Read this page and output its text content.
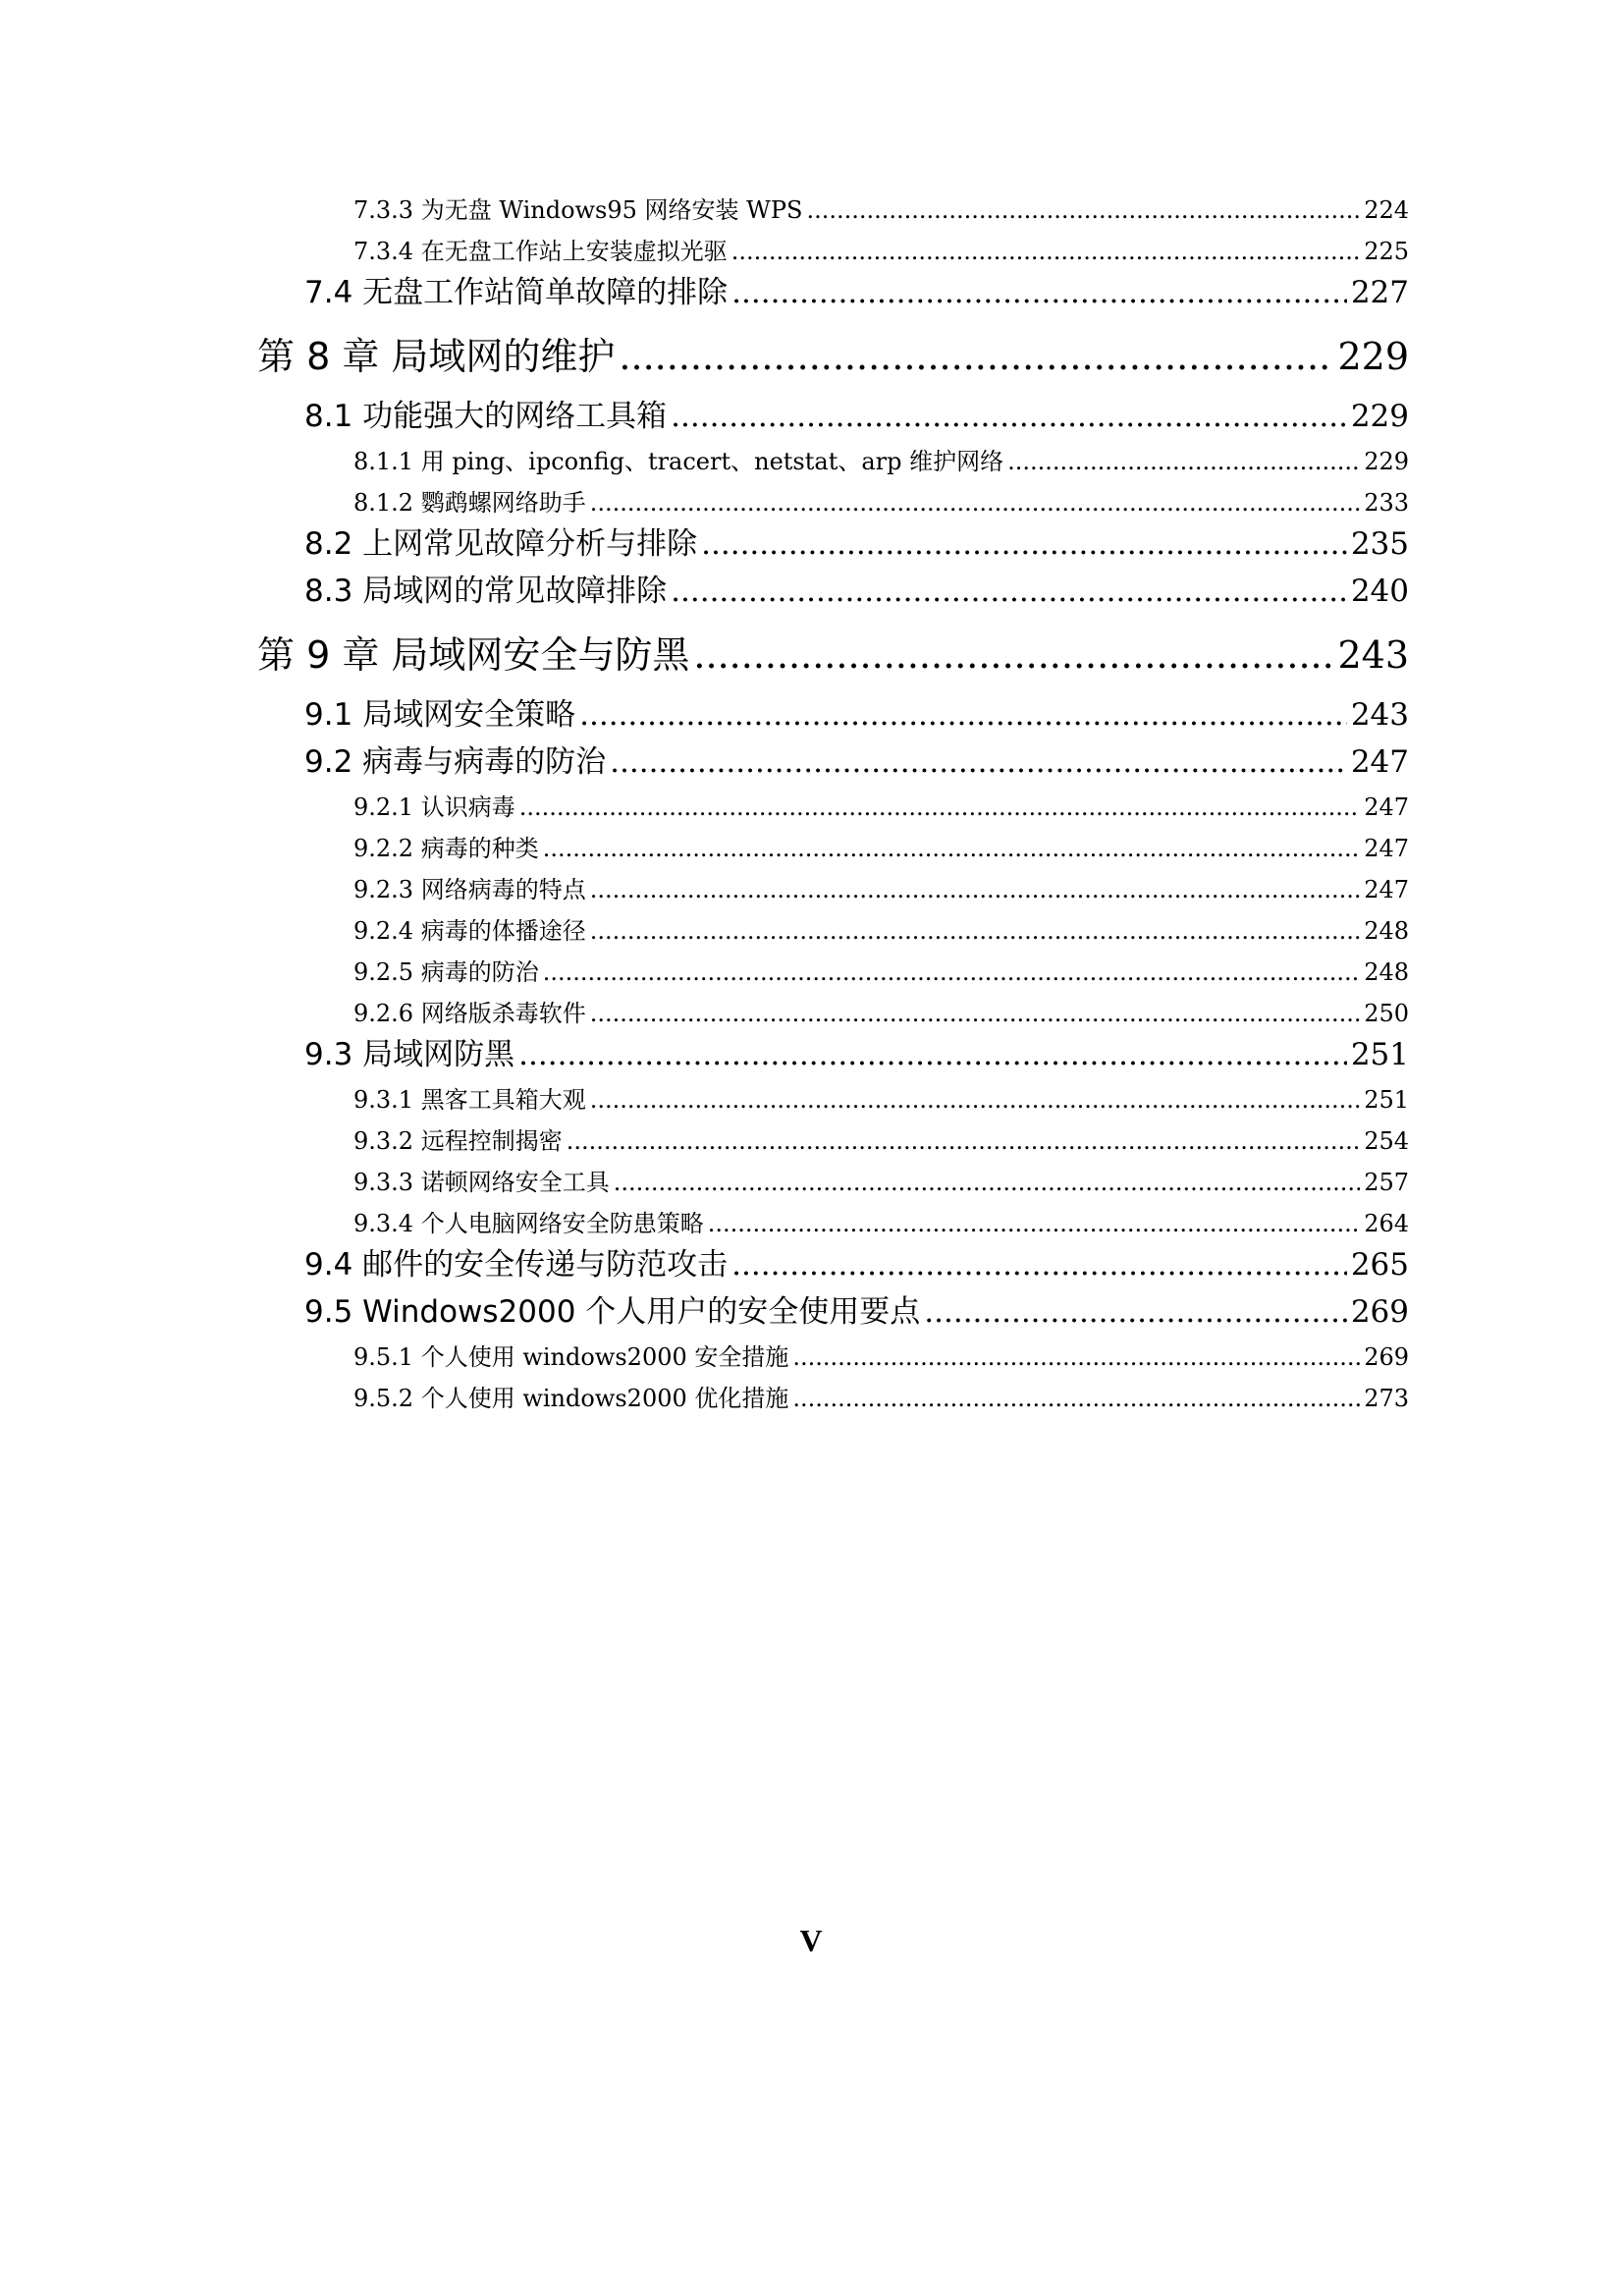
7.3.3 为无盘 Windows95 网络安装 WPS .....	224
7.3.4 在无盘工作站上安装虚拟光驱 .....	225
7.4 无盘工作站简单故障的排除 .....	227
第 8 章 局域网的维护 .....	229
8.1 功能强大的网络工具箱 .....	229
8.1.1 用 ping、ipconfig、tracert、netstat、arp 维护网络 .....	229
8.1.2 鹦鹉螺网络助手 .....	233
8.2 上网常见故障分析与排除 .....	235
8.3 局域网的常见故障排除 .....	240
第 9 章 局域网安全与防黑 .....	243
9.1 局域网安全策略 .....	243
9.2 病毒与病毒的防治 .....	247
9.2.1 认识病毒 .....	247
9.2.2 病毒的种类 .....	247
9.2.3 网络病毒的特点 .....	247
9.2.4 病毒的体播途径 .....	248
9.2.5 病毒的防治 .....	248
9.2.6 网络版杀毒软件 .....	250
9.3 局域网防黑 .....	251
9.3.1 黑客工具箱大观 .....	251
9.3.2 远程控制揭密 .....	254
9.3.3 诺顿网络安全工具 .....	257
9.3.4 个人电脑网络安全防患策略 .....	264
9.4 邮件的安全传递与防范攻击 .....	265
9.5 Windows2000 个人用户的安全使用要点 .....	269
9.5.1 个人使用 windows2000 安全措施 .....	269
9.5.2 个人使用 windows2000 优化措施 .....	273
V
